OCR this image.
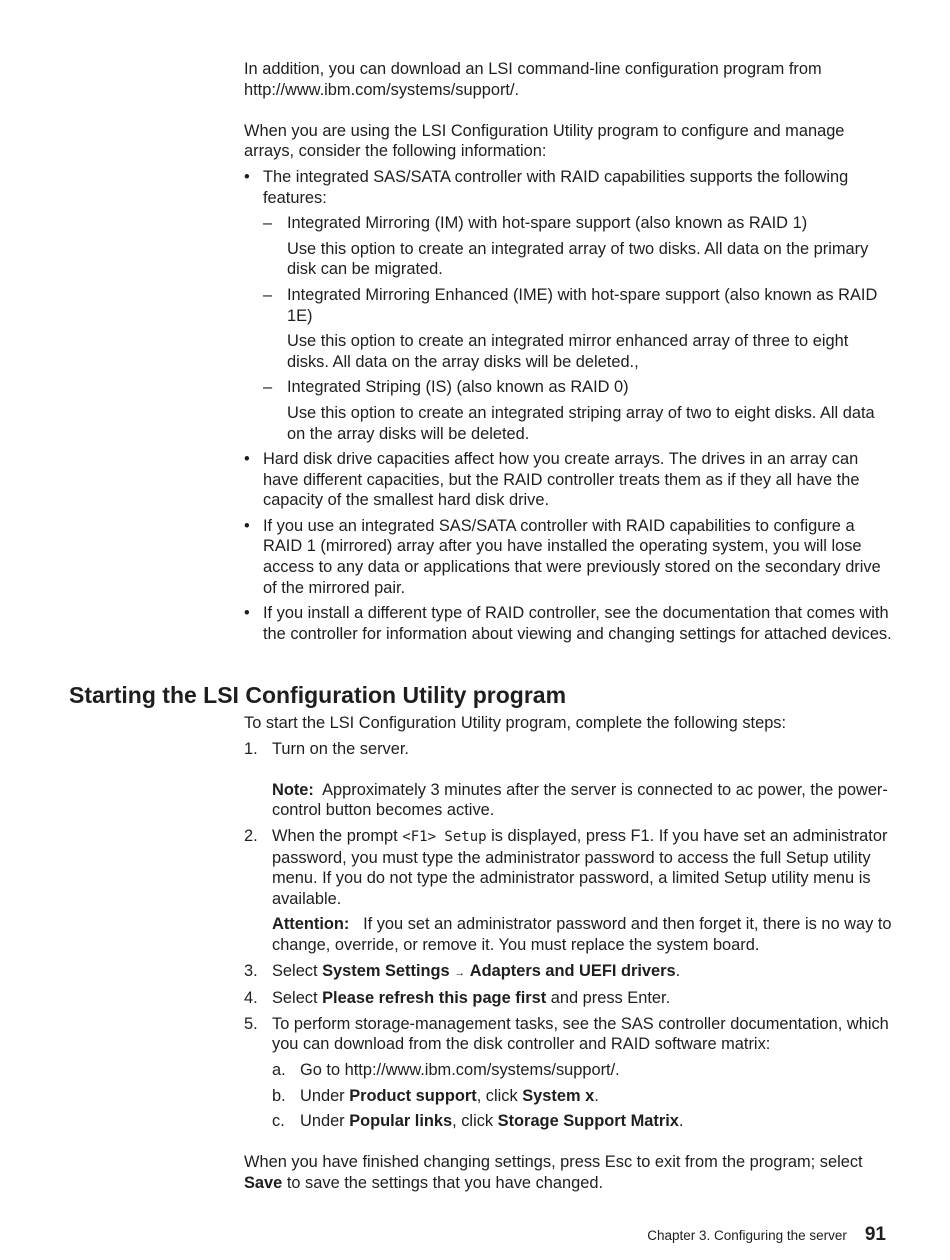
In addition, you can download an LSI command-line configuration program from http://www.ibm.com/systems/support/.

When you are using the LSI Configuration Utility program to configure and manage arrays, consider the following information:

• The integrated SAS/SATA controller with RAID capabilities supports the following features:
– Integrated Mirroring (IM) with hot-spare support (also known as RAID 1)
Use this option to create an integrated array of two disks. All data on the primary disk can be migrated.
– Integrated Mirroring Enhanced (IME) with hot-spare support (also known as RAID 1E)
Use this option to create an integrated mirror enhanced array of three to eight disks. All data on the array disks will be deleted.,
– Integrated Striping (IS) (also known as RAID 0)
Use this option to create an integrated striping array of two to eight disks. All data on the array disks will be deleted.
• Hard disk drive capacities affect how you create arrays. The drives in an array can have different capacities, but the RAID controller treats them as if they all have the capacity of the smallest hard disk drive.
• If you use an integrated SAS/SATA controller with RAID capabilities to configure a RAID 1 (mirrored) array after you have installed the operating system, you will lose access to any data or applications that were previously stored on the secondary drive of the mirrored pair.
• If you install a different type of RAID controller, see the documentation that comes with the controller for information about viewing and changing settings for attached devices.
Starting the LSI Configuration Utility program

To start the LSI Configuration Utility program, complete the following steps:

1. Turn on the server.
Note: Approximately 3 minutes after the server is connected to ac power, the power-control button becomes active.
2. When the prompt <F1> Setup is displayed, press F1. If you have set an administrator password, you must type the administrator password to access the full Setup utility menu. If you do not type the administrator password, a limited Setup utility menu is available.
Attention: If you set an administrator password and then forget it, there is no way to change, override, or remove it. You must replace the system board.
3. Select System Settings → Adapters and UEFI drivers.
4. Select Please refresh this page first and press Enter.
5. To perform storage-management tasks, see the SAS controller documentation, which you can download from the disk controller and RAID software matrix:
a. Go to http://www.ibm.com/systems/support/.
b. Under Product support, click System x.
c. Under Popular links, click Storage Support Matrix.

When you have finished changing settings, press Esc to exit from the program; select Save to save the settings that you have changed.

Chapter 3. Configuring the server 91
